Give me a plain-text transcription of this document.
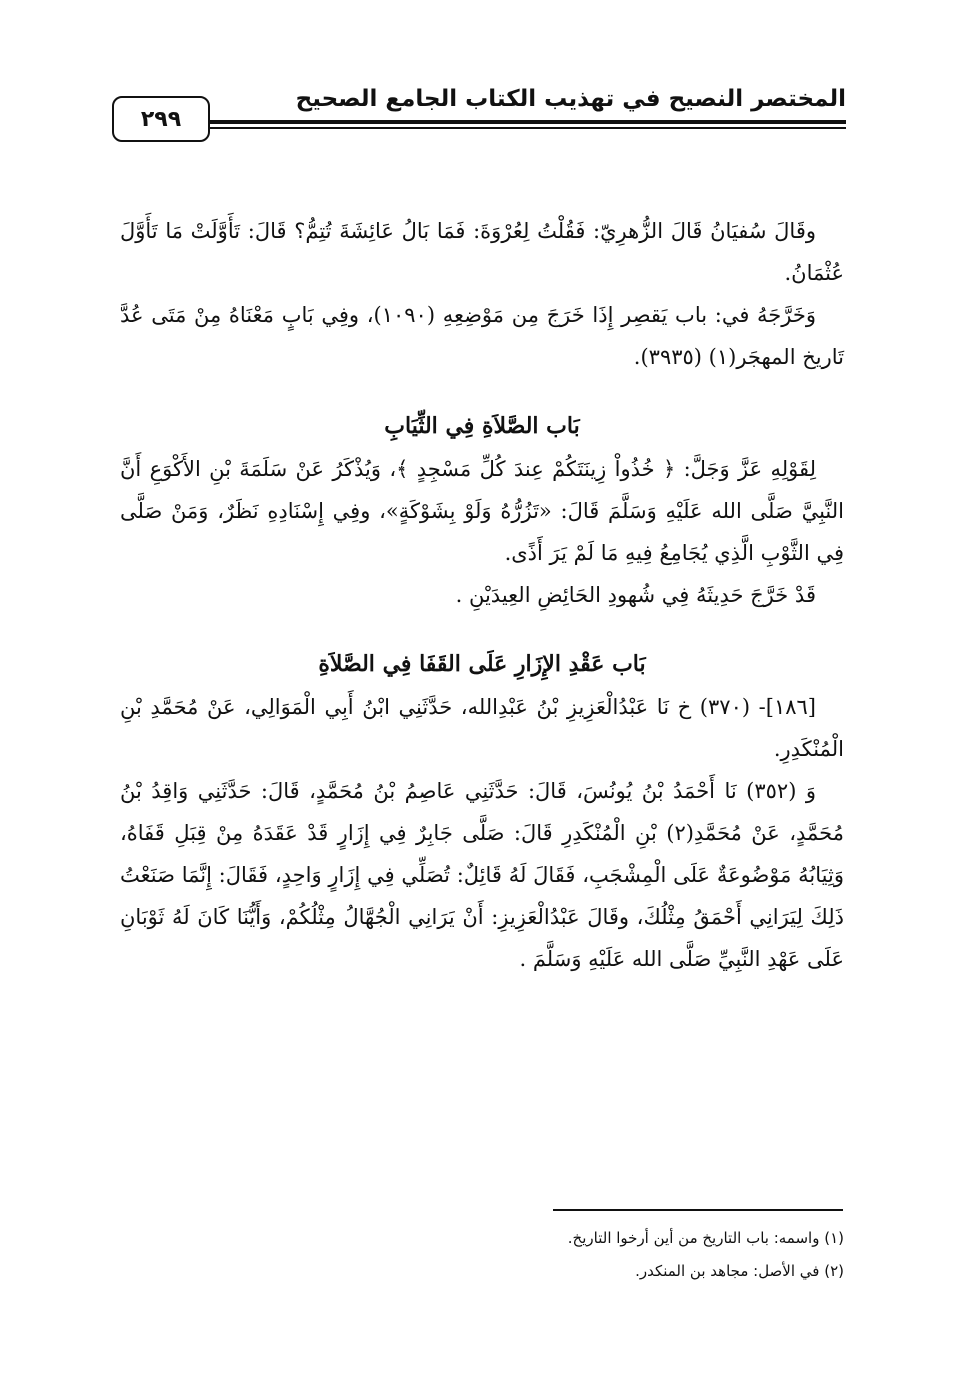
المختصر النصيح في تهذيب الكتاب الجامع الصحيح
٢٩٩

وقَالَ سُفيَانُ قَالَ الزُّهرِيّ: فَقُلْتُ لِعُرْوَةَ: فَمَا بَالُ عَائِشَةَ تُتِمُّ؟ قَالَ: تَأَوَّلَتْ مَا تَأَوَّلَ عُثْمَانُ.

وَخَرَّجَهُ في: باب يَقصِر إِذَا خَرَجَ مِن مَوْضِعِهِ (١٠٩٠)، وفِي بَابٍ مَعْنَاهُ مِنْ مَتَى عُدَّ تَاريخ المهجَر(١) (٣٩٣٥).

بَاب الصَّلاَةِ فِي الثِّيَابِ

لِقَوْلِهِ عَزَّ وَجَلَّ: ﴿ خُذُواْ زِينَتَكُمْ عِندَ كُلِّ مَسْجِدٍ ﴾، وَيُذْكَرُ عَنْ سَلَمَةَ بْنِ الأَكْوَعِ أَنَّ النَّبِيَّ صَلَّى الله عَلَيْهِ وَسَلَّمَ قَالَ: «تَزُرُّهُ وَلَوْ بِشَوْكَةٍ»، وفِي إِسْنَادِهِ نَظَرٌ، وَمَنْ صَلَّى فِي الثَّوْبِ الَّذِي يُجَامِعُ فِيهِ مَا لَمْ يَرَ أَذًى.

قَدْ خَرَّجَ حَدِيثَهُ فِي شُهودِ الحَائِضِ العِيدَيْنِ .

بَاب عَقْدِ الإِزَارِ عَلَى القَفَا فِي الصَّلاَةِ

[١٨٦]- (٣٧٠) خ نَا عَبْدُالْعَزِيزِ بْنُ عَبْدِالله، حَدَّثَنِي ابْنُ أَبِي الْمَوَالِي، عَنْ مُحَمَّدِ بْنِ الْمُنْكَدِرِ.

وَ (٣٥٢) نَا أَحْمَدُ بْنُ يُونُسَ، قَالَ: حَدَّثَنِي عَاصِمُ بْنُ مُحَمَّدٍ، قَالَ: حَدَّثَنِي وَاقِدُ بْنُ مُحَمَّدٍ، عَنْ مُحَمَّدِ(٢) بْنِ الْمُنْكَدِرِ قَالَ: صَلَّى جَابِرٌ فِي إِزَارٍ قَدْ عَقَدَهُ مِنْ قِبَلِ قَفَاهُ، وَثِيَابُهُ مَوْضُوعَةٌ عَلَى الْمِشْجَبِ، فَقَالَ لَهُ قَائِلٌ: تُصَلِّي فِي إِزَارٍ وَاحِدٍ، فَقَالَ: إِنَّمَا صَنَعْتُ ذَلِكَ لِيَرَانِي أَحْمَقُ مِثْلُكَ، وقَالَ عَبْدُالْعَزِيزِ: أَنْ يَرَانِي الْجُهَّالُ مِثْلُكُمْ، وَأَيُّنَا كَانَ لَهُ ثَوْبَانِ عَلَى عَهْدِ النَّبِيِّ صَلَّى الله عَلَيْهِ وَسَلَّمَ .

(١) واسمه: باب التاريخ من أين أرخوا التاريخ.

(٢) في الأصل: مجاهد بن المنكدر.
